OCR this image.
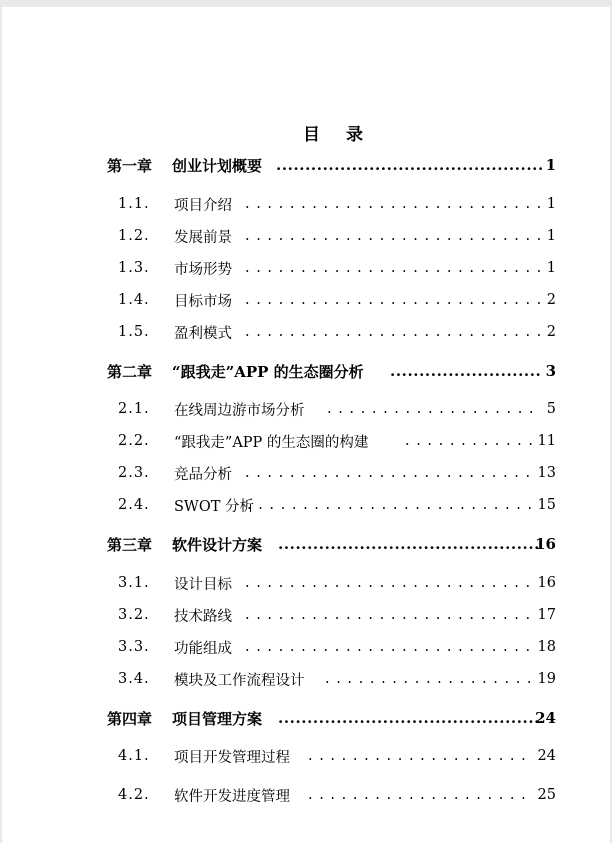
目 录
第一章 创业计划概要 .....	1
1.1. 项目介绍 . . .	1
1.2. 发展前景 . . .	1
1.3. 市场形势 . . .	1
1.4. 目标市场 . . .	2
1.5. 盈利模式 . . .	2
第二章 “跟我走”APP 的生态圈分析 .....	3
2.1. 在线周边游市场分析 . . .	5
2.2. “跟我走”APP 的生态圈的构建 . . .	11
2.3. 竞品分析 . . .	13
2.4. SWOT 分析 . . .	15
第三章 软件设计方案 .....	16
3.1. 设计目标 . . .	16
3.2. 技术路线 . . .	17
3.3. 功能组成 . . .	18
3.4. 模块及工作流程设计 . . .	19
第四章 项目管理方案 .....	24
4.1. 项目开发管理过程 . . .	24
4.2. 软件开发进度管理 . . .	25
